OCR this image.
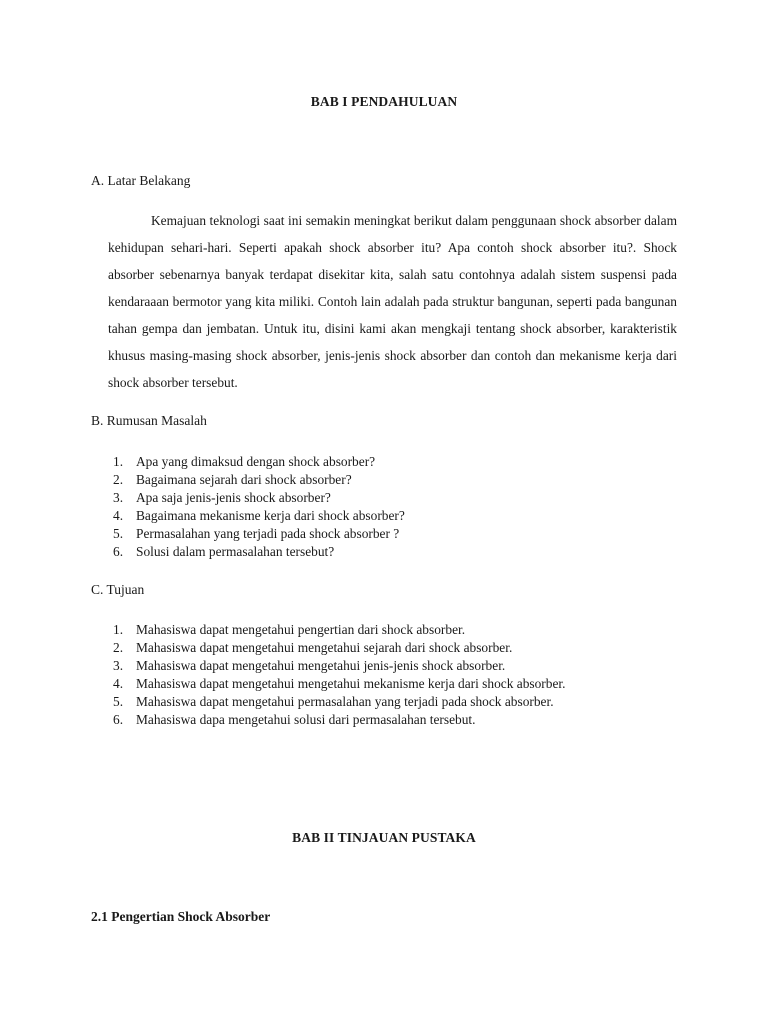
BAB I PENDAHULUAN
A. Latar Belakang

Kemajuan teknologi saat ini semakin meningkat berikut dalam penggunaan shock absorber dalam kehidupan sehari-hari. Seperti apakah shock absorber itu? Apa contoh shock absorber itu?. Shock absorber sebenarnya banyak terdapat disekitar kita, salah satu contohnya adalah sistem suspensi pada kendaraaan bermotor yang kita miliki. Contoh lain adalah pada struktur bangunan, seperti pada bangunan tahan gempa dan jembatan. Untuk itu, disini kami akan mengkaji tentang shock absorber, karakteristik khusus masing-masing shock absorber, jenis-jenis shock absorber dan contoh dan mekanisme kerja dari shock absorber tersebut.

B. Rumusan Masalah
1. Apa yang dimaksud dengan shock absorber?
2. Bagaimana sejarah dari shock absorber?
3. Apa saja jenis-jenis shock absorber?
4. Bagaimana mekanisme kerja dari shock absorber?
5. Permasalahan yang terjadi pada shock absorber ?
6. Solusi dalam permasalahan tersebut?
C. Tujuan
1. Mahasiswa dapat mengetahui pengertian dari shock absorber.
2. Mahasiswa dapat mengetahui mengetahui sejarah dari shock absorber.
3. Mahasiswa dapat mengetahui mengetahui jenis-jenis shock absorber.
4. Mahasiswa dapat mengetahui mengetahui mekanisme kerja dari shock absorber.
5. Mahasiswa dapat mengetahui permasalahan yang terjadi pada shock absorber.
6. Mahasiswa dapa mengetahui solusi dari permasalahan tersebut.
BAB II TINJAUAN PUSTAKA
2.1 Pengertian Shock Absorber
